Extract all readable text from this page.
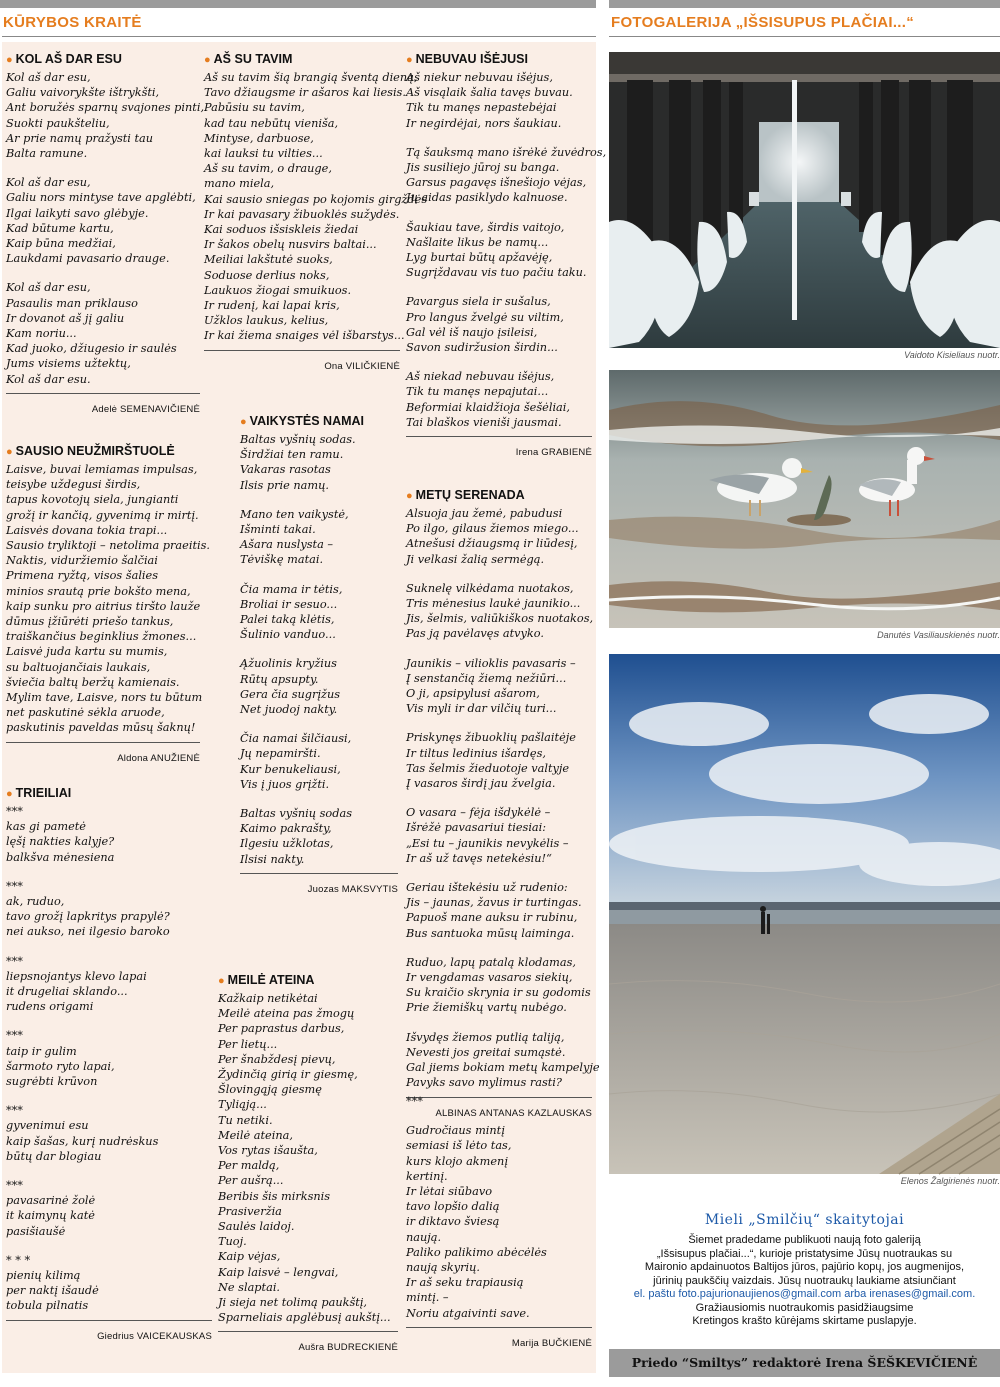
KŪRYBOS KRAITĖ	FOTOGALERIJA „IŠSISUPUS PLAČIAI...“
● KOL AŠ DAR ESU
Kol aš dar esu,
Galiu vaivorykšte ištrykšti,
Ant boružės sparnų svajones pinti,
Suokti paukšteliu,
Ar prie namų pražysti tau
Balta ramune.
Kol aš dar esu,
Galiu nors mintyse tave apglėbti,
Ilgai laikyti savo glėbyje.
Kad būtume kartu,
Kaip būna medžiai,
Laukdami pavasario drauge.
Kol aš dar esu,
Pasaulis man priklauso
Ir dovanot aš jį galiu
Kam noriu...
Kad juoko, džiugesio ir saulės
Jums visiems užtektų,
Kol aš dar esu.
Adelė SEMENAVIČIENĖ
● SAUSIO NEUŽMIRŠTUOLĖ
Laisve, buvai lemiamas impulsas,
teisybe uždegusi širdis,
tapus kovotojų siela, jungianti
grožį ir kančią, gyvenimą ir mirtį.
Laisvės dovana tokia trapi...
Sausio tryliktoji – netolima praeitis.
Naktis, viduržiemio šalčiai
Primena ryžtą, visos šalies
minios srautą prie bokšto mena,
kaip sunku pro aitrius tiršto lauže
dūmus įžiūrėti priešo tankus,
traiškančius beginklius žmones...
Laisvė juda kartu su mumis,
su baltuojančiais laukais,
šviečia baltų beržų kamienais.
Mylim tave, Laisve, nors tu būtum
net paskutinė sėkla aruode,
paskutinis paveldas mūsų šaknų!
Aldona ANUŽIENĖ
● TRIEILIAI
***
kas gi pametė
lęšį nakties kalyje?
balkšva mėnesiena
***
ak, ruduo,
tavo grožį lapkritys prapylė?
nei aukso, nei ilgesio baroko
***
liepsnojantys klevo lapai
it drugeliai sklando...
rudens origami
***
taip ir gulim
šarmoto ryto lapai,
sugrėbti krūvon
***
gyvenimui esu
kaip šašas, kurį nudrėskus
būtų dar blogiau
***
pavasarinė žolė
it kaimynų katė
pasišiaušė
* * *
pienių kilimą
per naktį išaudė
tobula pilnatis
Giedrius VAICEKAUSKAS
● AŠ SU TAVIM
Aš su tavim šią brangią šventą dieną,
Tavo džiaugsme ir ašaros kai liesis.
Pabūsiu su tavim,
kad tau nebūtų vieniša,
Mintyse, darbuose,
kai lauksi tu vilties...
Aš su tavim, o drauge,
mano miela,
Kai sausio sniegas po kojomis girgždės
Ir kai pavasary žibuoklės sužydės.
Kai soduos išsiskleis žiedai
Ir šakos obelų nusvirs baltai...
Meiliai lakštutė suoks,
Soduose derlius noks,
Laukuos žiogai smuikuos.
Ir rudenį, kai lapai kris,
Užklos laukus, kelius,
Ir kai žiema snaiges vėl išbarstys...
Ona VILIČKIENĖ
● VAIKYSTĖS NAMAI
Baltas vyšnių sodas.
Širdžiai ten ramu.
Vakaras rasotas
Ilsis prie namų.
Mano ten vaikystė,
Išminti takai.
Ašara nuslysta –
Tėviškę matai.
Čia mama ir tėtis,
Broliai ir sesuo...
Palei taką klėtis,
Šulinio vanduo...
Ąžuolinis kryžius
Rūtų apsupty.
Gera čia sugrįžus
Net juodoj nakty.
Čia namai šilčiausi,
Jų nepamiršti.
Kur benukeliausi,
Vis į juos grįžti.
Baltas vyšnių sodas
Kaimo pakrašty,
Ilgesiu užklotas,
Ilsisi nakty.
Juozas MAKSVYTIS
● MEILĖ ATEINA
Kažkaip netikėtai
Meilė ateina pas žmogų
Per paprastus darbus,
Per lietų...
Per šnabždesį pievų,
Žydinčią girią ir giesmę,
Šlovingąją giesmę
Tyliąją...
Tu netiki.
Meilė ateina,
Vos rytas išaušta,
Per maldą,
Per aušrą...
Beribis šis mirksnis
Prasiveržia
Saulės laidoj.
Tuoj.
Kaip vėjas,
Kaip laisvė – lengvai,
Ne slaptai.
Ji sieja net tolimą paukštį,
Sparneliais apglėbusį aukštį...
Aušra BUDRECKIENĖ
● NEBUVAU IŠĖJUSI
Aš niekur nebuvau išėjus,
Aš visąlaik šalia tavęs buvau.
Tik tu manęs nepastebėjai
Ir negirdėjai, nors šaukiau.
Tą šauksmą mano išrėkė žuvėdros,
Jis susiliejo jūroj su banga.
Garsus pagavęs išnešiojo vėjas,
Jų aidas pasiklydo kalnuose.
Šaukiau tave, širdis vaitojo,
Našlaite likus be namų...
Lyg burtai būtų apžavėję,
Sugrįždavau vis tuo pačiu taku.
Pavargus siela ir sušalus,
Pro langus žvelgė su viltim,
Gal vėl iš naujo įsileisi,
Savon sudiržusion širdin...
Aš niekad nebuvau išėjus,
Tik tu manęs nepajutai...
Beformiai klaidžioja šešėliai,
Tai blaškos vieniši jausmai.
Irena GRABIENĖ
● METŲ SERENADA
Alsuoja jau žemė, pabudusi
Po ilgo, gilaus žiemos miego...
Atnešusi džiaugsmą ir liūdesį,
Ji velkasi žalią sermėgą.
Suknelę vilkėdama nuotakos,
Tris mėnesius laukė jaunikio...
Jis, šelmis, valiūkiškos nuotakos,
Pas ją pavėlavęs atvyko.
Jaunikis – vilioklis pavasaris –
Į senstančią žiemą nežiūri...
O ji, apsipylusi ašarom,
Vis myli ir dar vilčių turi...
Priskynęs žibuoklių pašlaitėje
Ir tiltus ledinius išardęs,
Tas šelmis žieduotoje valtyje
Į vasaros širdį jau žvelgia.
O vasara – fėja išdykėlė –
Išrėžė pavasariui tiesiai:
„Esi tu – jaunikis nevykėlis –
Ir aš už tavęs netekėsiu!“
Geriau ištekėsiu už rudenio:
Jis – jaunas, žavus ir turtingas.
Papuoš mane auksu ir rubinu,
Bus santuoka mūsų laiminga.
Ruduo, lapų patalą klodamas,
Ir vengdamas vasaros siekių,
Su kraičio skrynia ir su godomis
Prie žiemiškų vartų nubėgo.
Išvydęs žiemos putlią taliją,
Nevesti jos greitai sumąstė.
Gal jiems bokiam metų kampelyje
Pavyks savo mylimus rasti?
ALBINAS ANTANAS KAZLAUSKAS
***
Gudročiaus mintį
semiasi iš lėto tas,
kurs klojo akmenį
kertinį.
Ir lėtai siūbavo
tavo lopšio dalią
ir diktavo šviesą
naują.
Paliko palikimo abėcėlės
naują skyrių.
Ir aš seku trapiausią
mintį. –
Noriu atgaivinti save.
Marija BUČKIENĖ
Vaidoto Kisieliaus nuotr.
Danutės Vasiliauskienės nuotr.
Elenos Žalgirienės nuotr.
Mieli „Smilčių“ skaitytojai

Šiemet pradedame publikuoti naują foto galeriją

„Išsisupus plačiai...“, kurioje pristatysime Jūsų nuotraukas su

Maironio apdainuotos Baltijos jūros, pajūrio kopų, jos augmenijos,

jūrinių paukščių vaizdais. Jūsų nuotraukų laukiame atsiunčiant

el. paštu foto.pajurionaujienos@gmail.com arba irenases@gmail.com.

Gražiausiomis nuotraukomis pasidžiaugsime

Kretingos krašto kūrėjams skirtame puslapyje.

Priedo “Smiltys” redaktorė Irena ŠEŠKEVIČIENĖ
